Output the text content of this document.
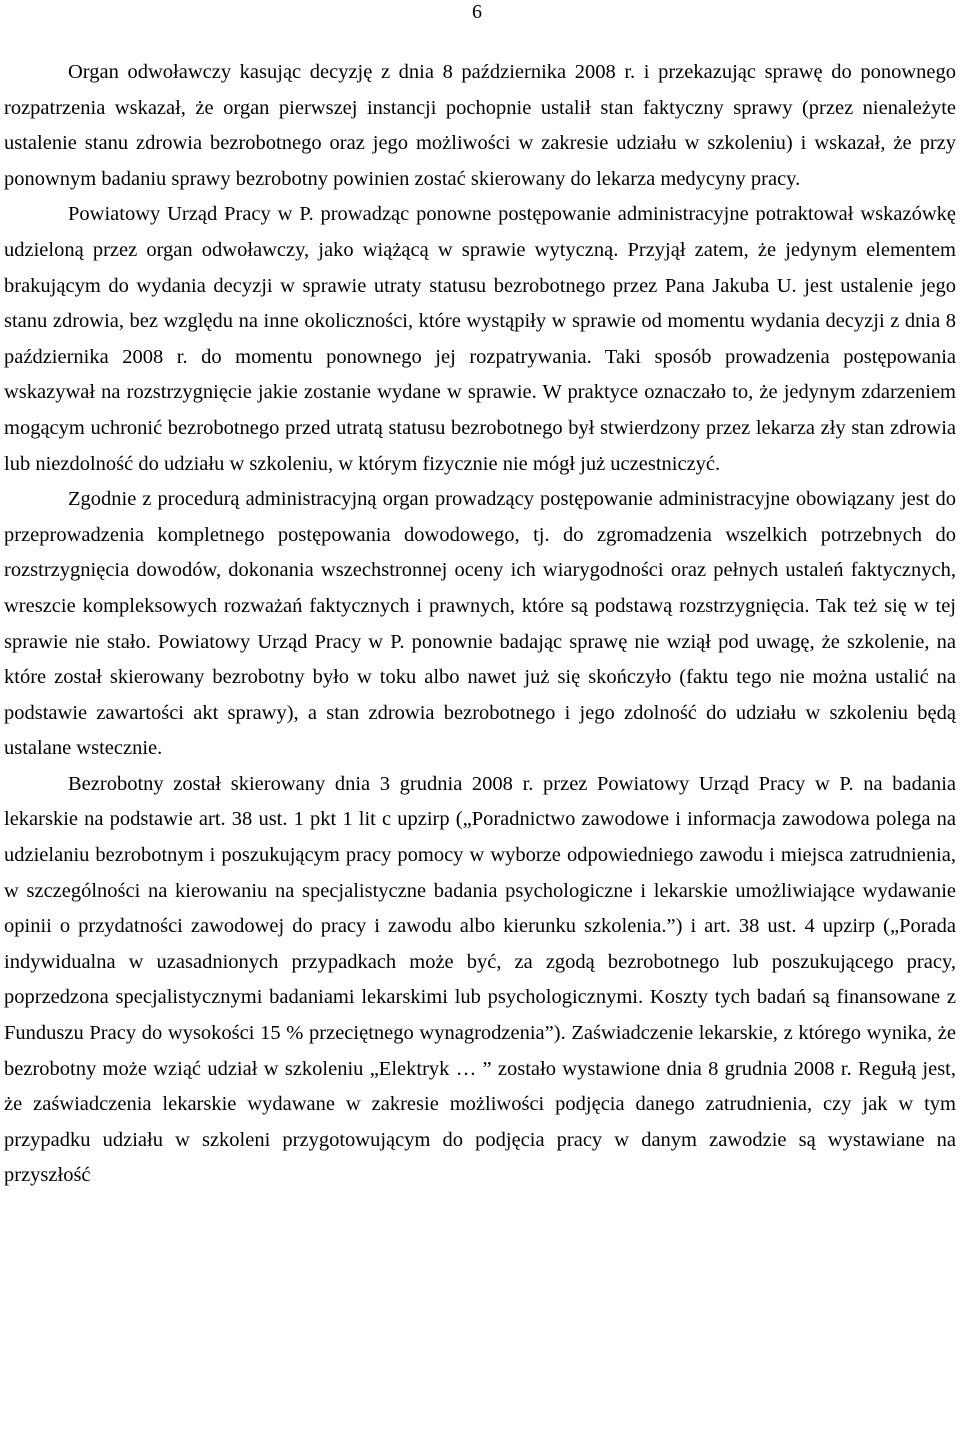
6

Organ odwoławczy kasując decyzję z dnia 8 października 2008 r. i przekazując sprawę do ponownego rozpatrzenia wskazał, że organ pierwszej instancji pochopnie ustalił stan faktyczny sprawy (przez nienależyte ustalenie stanu zdrowia bezrobotnego oraz jego możliwości w zakresie udziału w szkoleniu) i wskazał, że przy ponownym badaniu sprawy bezrobotny powinien zostać skierowany do lekarza medycyny pracy.

Powiatowy Urząd Pracy w P. prowadząc ponowne postępowanie administracyjne potraktował wskazówkę udzieloną przez organ odwoławczy, jako wiążącą w sprawie wytyczną. Przyjął zatem, że jedynym elementem brakującym do wydania decyzji w sprawie utraty statusu bezrobotnego przez Pana Jakuba U. jest ustalenie jego stanu zdrowia, bez względu na inne okoliczności, które wystąpiły w sprawie od momentu wydania decyzji z dnia 8 października 2008 r. do momentu ponownego jej rozpatrywania. Taki sposób prowadzenia postępowania wskazywał na rozstrzygnięcie jakie zostanie wydane w sprawie. W praktyce oznaczało to, że jedynym zdarzeniem mogącym uchronić bezrobotnego przed utratą statusu bezrobotnego był stwierdzony przez lekarza zły stan zdrowia lub niezdolność do udziału w szkoleniu, w którym fizycznie nie mógł już uczestniczyć.

Zgodnie z procedurą administracyjną organ prowadzący postępowanie administracyjne obowiązany jest do przeprowadzenia kompletnego postępowania dowodowego, tj. do zgromadzenia wszelkich potrzebnych do rozstrzygnięcia dowodów, dokonania wszechstronnej oceny ich wiarygodności oraz pełnych ustaleń faktycznych, wreszcie kompleksowych rozważań faktycznych i prawnych, które są podstawą rozstrzygnięcia. Tak też się w tej sprawie nie stało. Powiatowy Urząd Pracy w P. ponownie badając sprawę nie wziął pod uwagę, że szkolenie, na które został skierowany bezrobotny było w toku albo nawet już się skończyło (faktu tego nie można ustalić na podstawie zawartości akt sprawy), a stan zdrowia bezrobotnego i jego zdolność do udziału w szkoleniu będą ustalane wstecznie.

Bezrobotny został skierowany dnia 3 grudnia 2008 r. przez Powiatowy Urząd Pracy w P. na badania lekarskie na podstawie art. 38 ust. 1 pkt 1 lit c upzirp („Poradnictwo zawodowe i informacja zawodowa polega na udzielaniu bezrobotnym i poszukującym pracy pomocy w wyborze odpowiedniego zawodu i miejsca zatrudnienia, w szczególności na kierowaniu na specjalistyczne badania psychologiczne i lekarskie umożliwiające wydawanie opinii o przydatności zawodowej do pracy i zawodu albo kierunku szkolenia.”) i art. 38 ust. 4 upzirp („Porada indywidualna w uzasadnionych przypadkach może być, za zgodą bezrobotnego lub poszukującego pracy, poprzedzona specjalistycznymi badaniami lekarskimi lub psychologicznymi. Koszty tych badań są finansowane z Funduszu Pracy do wysokości 15 % przeciętnego wynagrodzenia”). Zaświadczenie lekarskie, z którego wynika, że bezrobotny może wziąć udział w szkoleniu „Elektryk … ” zostało wystawione dnia 8 grudnia 2008 r. Regułą jest, że zaświadczenia lekarskie wydawane w zakresie możliwości podjęcia danego zatrudnienia, czy jak w tym przypadku udziału w szkoleni przygotowującym do podjęcia pracy w danym zawodzie są wystawiane na przyszłość
